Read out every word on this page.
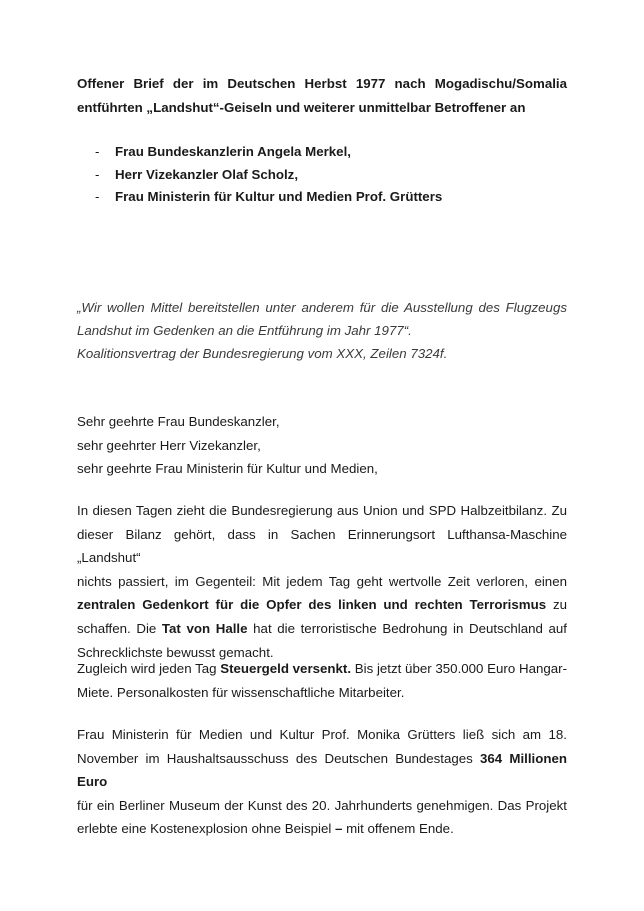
Offener Brief der im Deutschen Herbst 1977 nach Mogadischu/Somalia
entführten „Landshut“-Geiseln und weiterer unmittelbar Betroffener an
- Frau Bundeskanzlerin Angela Merkel,
- Herr Vizekanzler Olaf Scholz,
- Frau Ministerin für Kultur und Medien Prof. Grütters
„Wir wollen Mittel bereitstellen unter anderem für die Ausstellung des Flugzeugs
Landshut im Gedenken an die Entführung im Jahr 1977“.
Koalitionsvertrag der Bundesregierung vom XXX, Zeilen 7324f.
Sehr geehrte Frau Bundeskanzler,
sehr geehrter Herr Vizekanzler,
sehr geehrte Frau Ministerin für Kultur und Medien,
In diesen Tagen zieht die Bundesregierung aus Union und SPD Halbzeitbilanz. Zu
dieser Bilanz gehört, dass in Sachen Erinnerungsort Lufthansa-Maschine „Landshut“
nichts passiert, im Gegenteil: Mit jedem Tag geht wertvolle Zeit verloren, einen
zentralen Gedenkort für die Opfer des linken und rechten Terrorismus zu
schaffen. Die Tat von Halle hat die terroristische Bedrohung in Deutschland auf
Schrecklichste bewusst gemacht.
Zugleich wird jeden Tag Steuergeld versenkt. Bis jetzt über 350.000 Euro Hangar-
Miete. Personalkosten für wissenschaftliche Mitarbeiter.
Frau Ministerin für Medien und Kultur Prof. Monika Grütters ließ sich am 18.
November im Haushaltsausschuss des Deutschen Bundestages 364 Millionen Euro
für ein Berliner Museum der Kunst des 20. Jahrhunderts genehmigen. Das Projekt
erlebte eine Kostenexplosion ohne Beispiel – mit offenem Ende.
